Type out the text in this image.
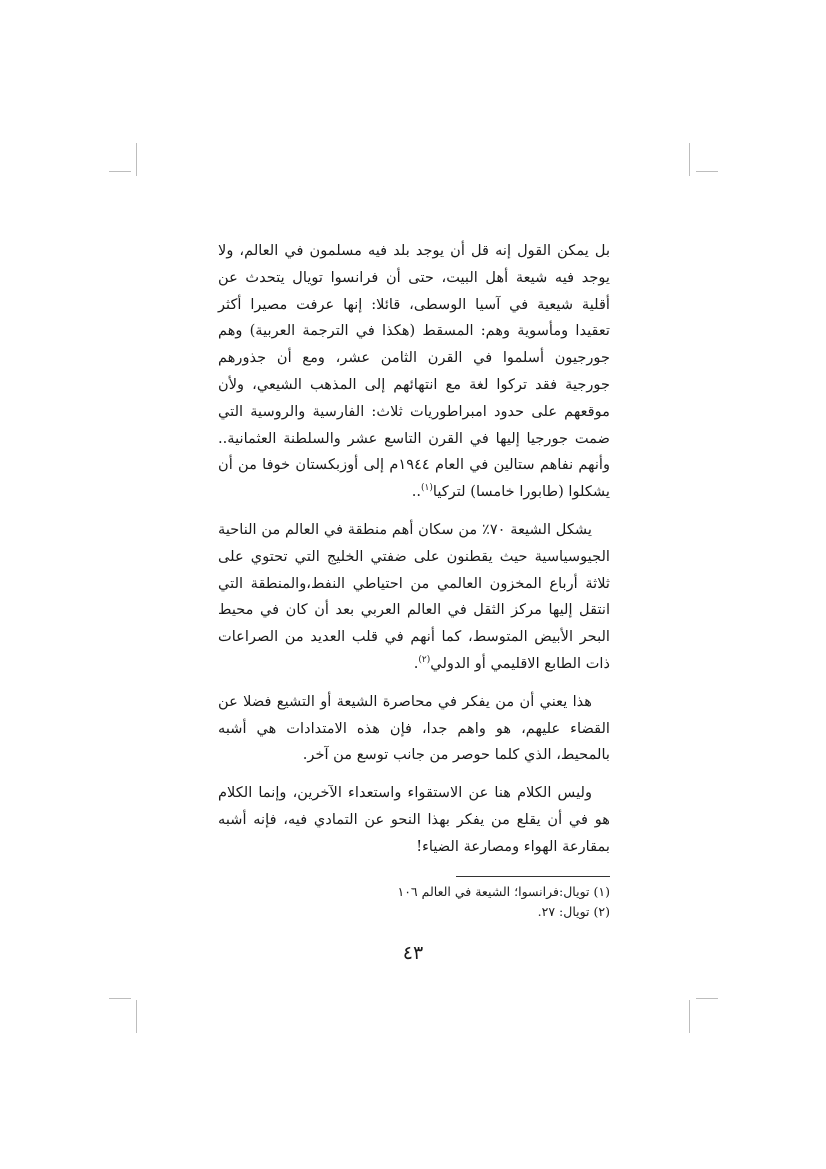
بل يمكن القول إنه قل أن يوجد بلد فيه مسلمون في العالم، ولا يوجد فيه شيعة أهل البيت، حتى أن فرانسوا تويال يتحدث عن أقلية شيعية في آسيا الوسطى، قائلا: إنها عرفت مصيرا أكثر تعقيدا ومأسوية وهم: المسقط (هكذا في الترجمة العربية) وهم جورجيون أسلموا في القرن الثامن عشر، ومع أن جذورهم جورجية فقد تركوا لغة مع انتهائهم إلى المذهب الشيعي، ولأن موقعهم على حدود امبراطوريات ثلاث: الفارسية والروسية التي ضمت جورجيا إليها في القرن التاسع عشر والسلطنة العثمانية.. وأنهم نفاهم ستالين في العام ١٩٤٤م إلى أوزبكستان خوفا من أن يشكلوا (طابورا خامسا) لتركيا$^{(١)}$..

يشكل الشيعة ٧٠٪ من سكان أهم منطقة في العالم من الناحية الجيوسياسية حيث يقطنون على ضفتي الخليج التي تحتوي على ثلاثة أرباع المخزون العالمي من احتياطي النفط،والمنطقة التي انتقل إليها مركز الثقل في العالم العربي بعد أن كان في محيط البحر الأبيض المتوسط، كما أنهم في قلب العديد من الصراعات ذات الطابع الاقليمي أو الدولي$^{(٢)}$.

هذا يعني أن من يفكر في محاصرة الشيعة أو التشيع فضلا عن القضاء عليهم، هو واهم جدا، فإن هذه الامتدادات هي أشبه بالمحيط، الذي كلما حوصر من جانب توسع من آخر.

وليس الكلام هنا عن الاستقواء واستعداء الآخرين، وإنما الكلام هو في أن يقلع من يفكر بهذا النحو عن التمادي فيه، فإنه أشبه بمقارعة الهواء ومصارعة الضياء!

(١) تويال:فرانسوا؛ الشيعة في العالم ١٠٦

(٢) تويال: ٢٧.

٤٣
